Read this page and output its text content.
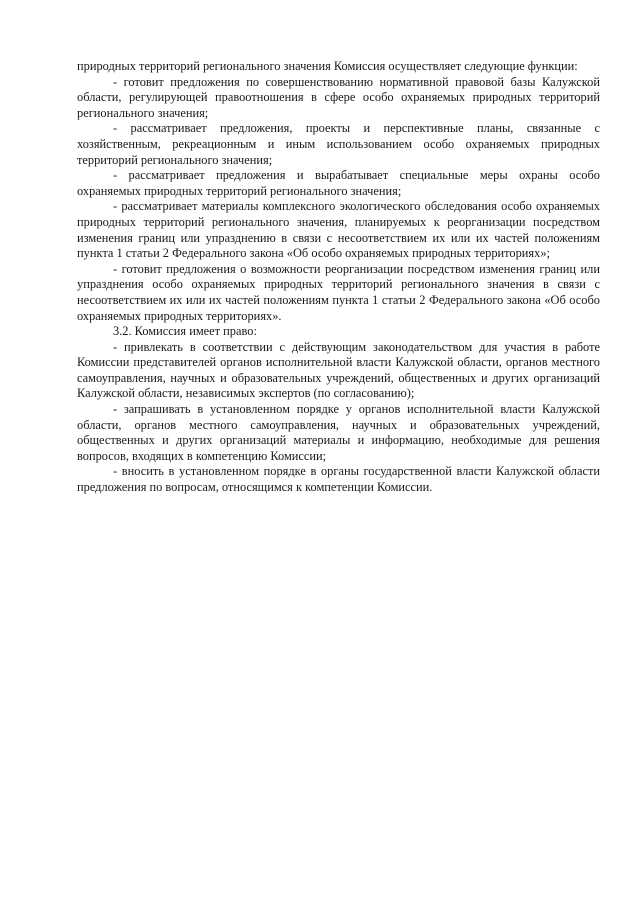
природных территорий регионального значения Комиссия осуществляет следующие функции:

- готовит предложения по совершенствованию нормативной правовой базы Калужской области, регулирующей правоотношения в сфере особо охраняемых природных территорий регионального значения;

- рассматривает предложения, проекты и перспективные планы, связанные с хозяйственным, рекреационным и иным использованием особо охраняемых природных территорий регионального значения;

- рассматривает предложения и вырабатывает специальные меры охраны особо охраняемых природных территорий регионального значения;

- рассматривает материалы комплексного экологического обследования особо охраняемых природных территорий регионального значения, планируемых к реорганизации посредством изменения границ или упразднению в связи с несоответствием их или их частей положениям пункта 1 статьи 2 Федерального закона «Об особо охраняемых природных территориях»;

- готовит предложения о возможности реорганизации посредством изменения границ или упразднения особо охраняемых природных территорий регионального значения в связи с несоответствием их или их частей положениям пункта 1 статьи 2 Федерального закона «Об особо охраняемых природных территориях».

3.2. Комиссия имеет право:

- привлекать в соответствии с действующим законодательством для участия в работе Комиссии представителей органов исполнительной власти Калужской области, органов местного самоуправления, научных и образовательных учреждений, общественных и других организаций Калужской области, независимых экспертов (по согласованию);

- запрашивать в установленном порядке у органов исполнительной власти Калужской области, органов местного самоуправления, научных и образовательных учреждений, общественных и других организаций материалы и информацию, необходимые для решения вопросов, входящих в компетенцию Комиссии;

- вносить в установленном порядке в органы государственной власти Калужской области предложения по вопросам, относящимся к компетенции Комиссии.
